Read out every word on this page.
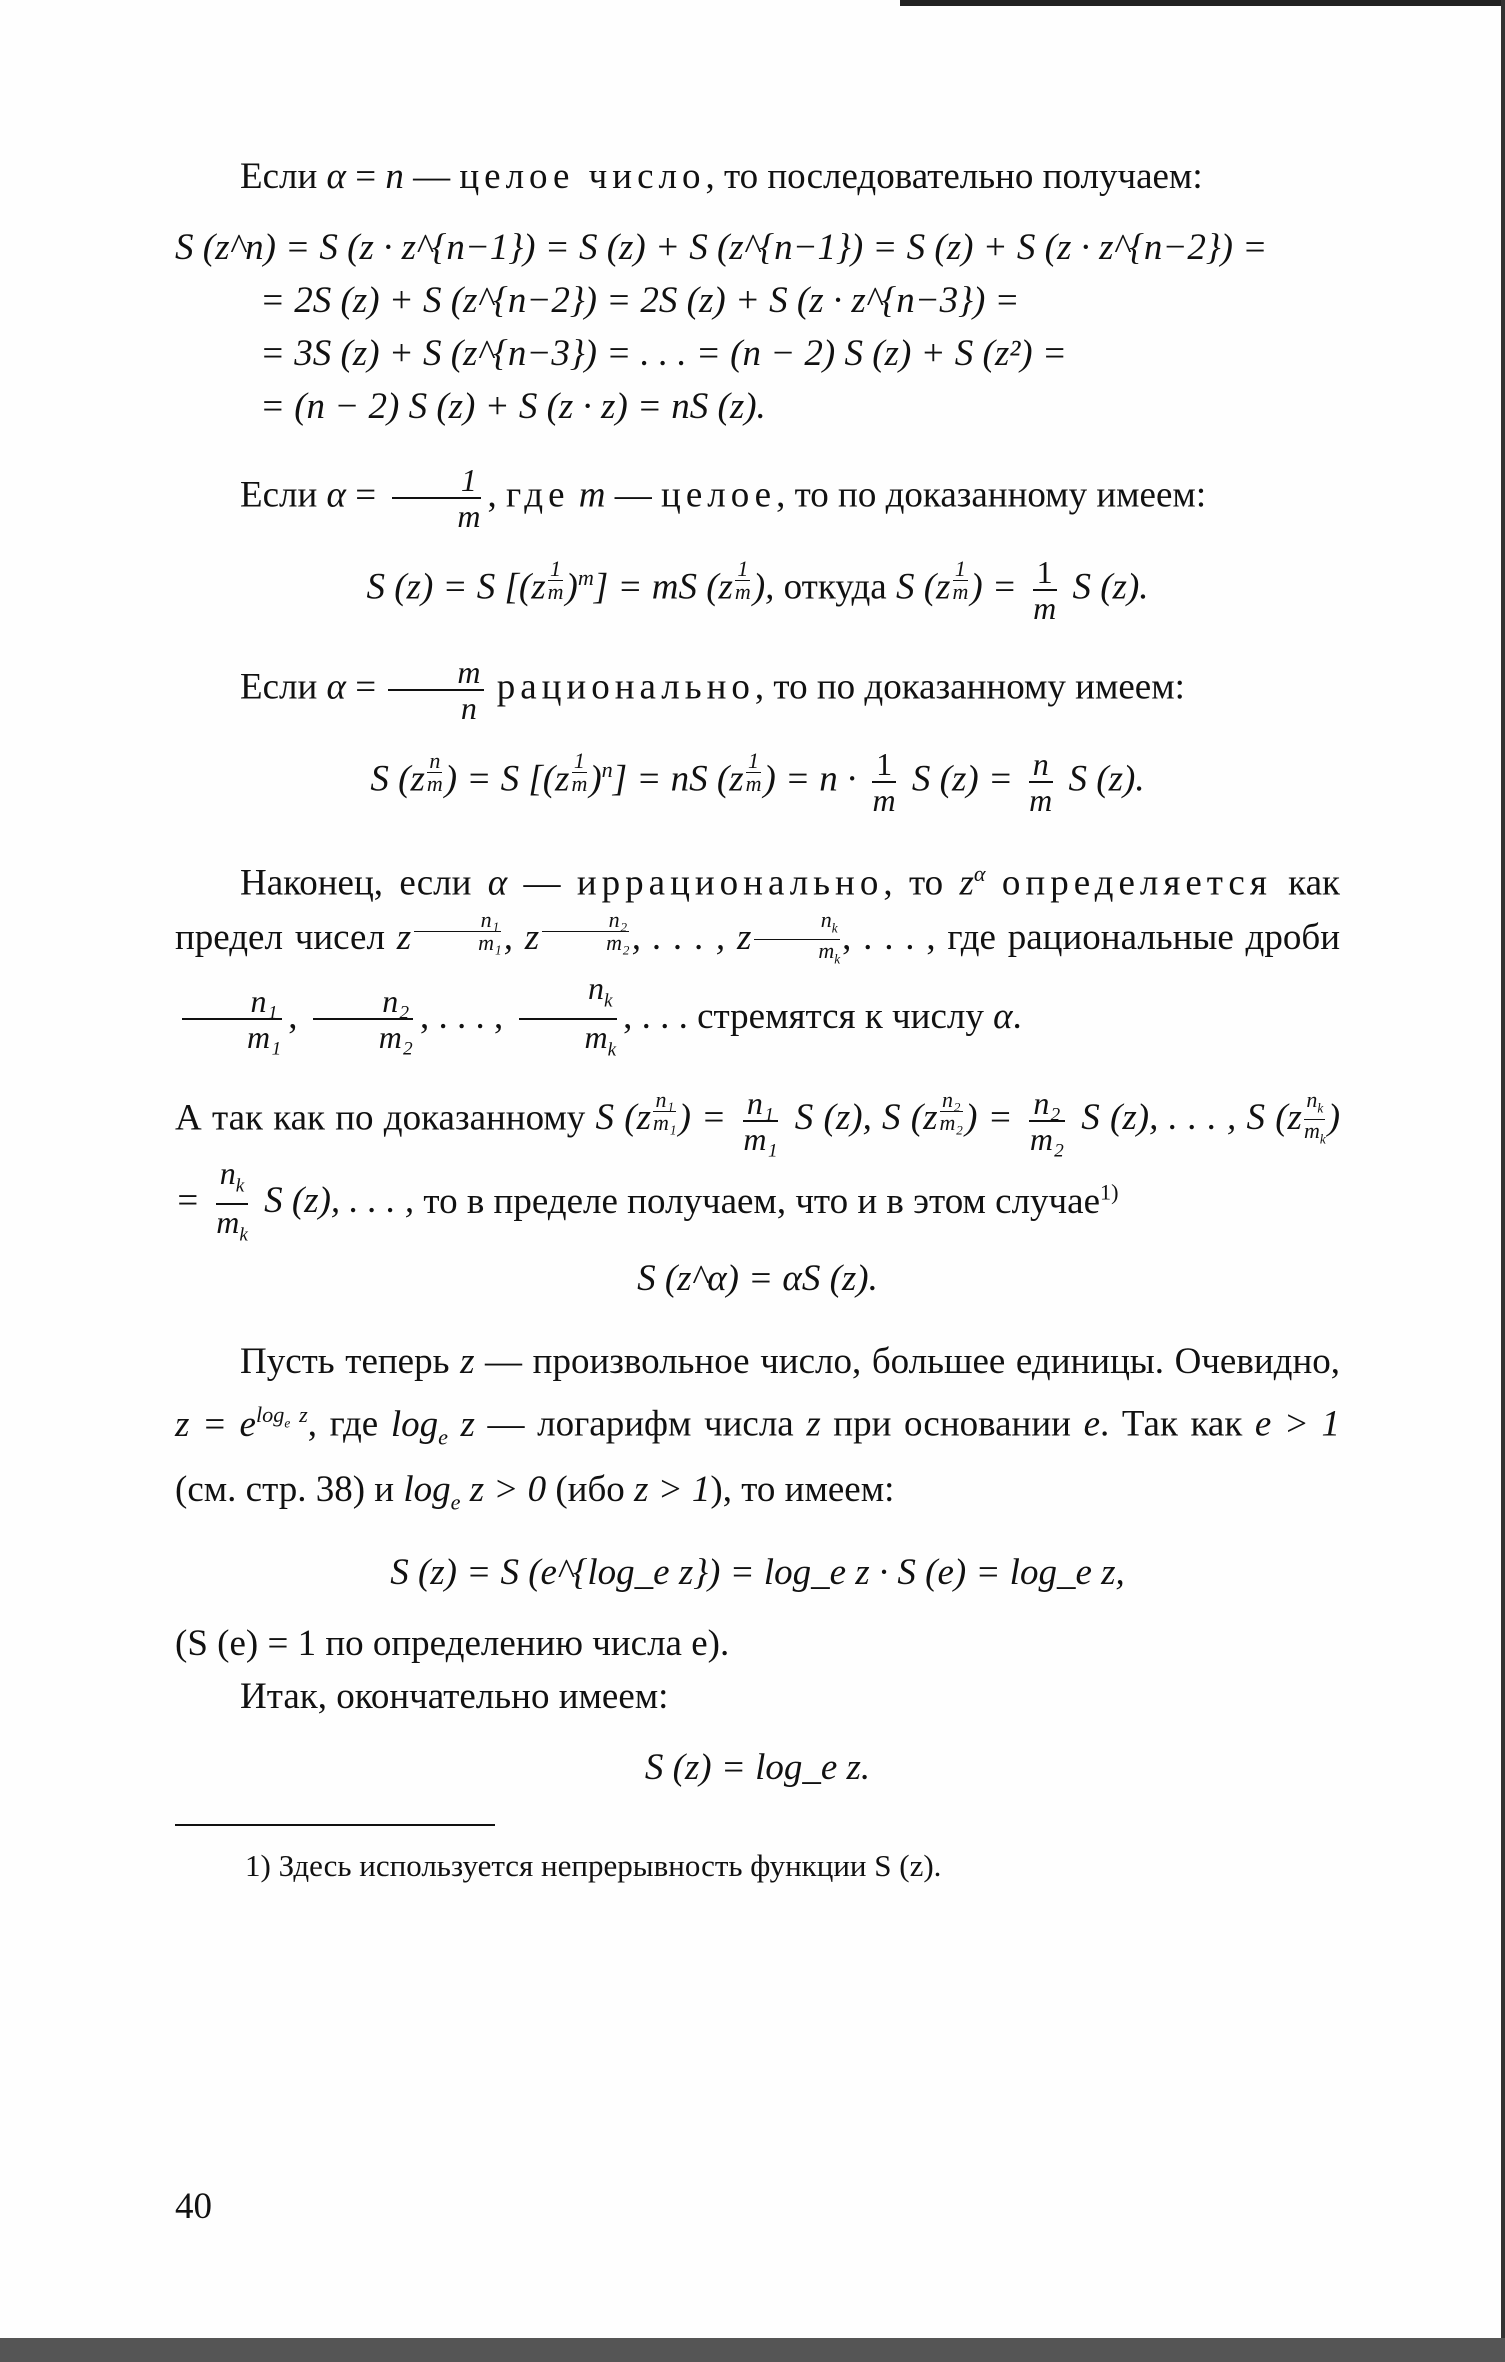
Если α = n — целое число, то последовательно получаем:

S (z^n) = S (z · z^{n−1}) = S (z) + S (z^{n−1}) = S (z) + S (z · z^{n−2}) =

= 2S (z) + S (z^{n−2}) = 2S (z) + S (z · z^{n−3}) =

= 3S (z) + S (z^{n−3}) = . . . = (n − 2) S (z) + S (z²) =

= (n − 2) S (z) + S (z · z) = nS (z).

Если $\alpha = \frac{1}{m}$ , где m — целое, то по доказанному имеем:

S (z) = S $[(z \frac{1}{m} )^m]$ = mS ($z \frac{1}{m}$ ), откуда S ($z \frac{1}{m}$ ) = $\frac{1}{m}$ S (z).

Если $\alpha = \frac{m}{n}$ рационально, то по доказанному имеем:

S ($z \frac{n}{m}$ ) = S $[(z \frac{1}{m} )^n]$ = nS ($z \frac{1}{m}$ ) = $n \cdot \frac{1}{m}$ S $(z) = \frac{n}{m}$ S (z).

Наконец, если α — иррационально, то $z^\alpha$ определяется как предел чисел z $\frac{\text{n₁}}{\text{m₁}}$ , z $\frac{\text{n₂}}{\text{m₂}}$ , . . . , z $\frac{n_k}{m_k}$ , . . . , где рациональные дроби
$\frac{\text{n₁}}{\text{m₁}}$ , $\frac{\text{n₂}}{\text{m₂}}$ , . . . , $\frac{n_k}{m_k}$ , . . . стремятся к числу α.

А так как по доказанному S ($z \frac{\text{n₁}}{\text{m₁}}$ ) = $\frac{\text{n₁}}{\text{m₁}}$ S (z), S ($z \frac{\text{n₂}}{\text{m₂}}$ ) = $\frac{\text{n₂}}{\text{m₂}}$ S (z), . . . , S ($z \frac{n_k}{m_k}$ ) = $\frac{n_k}{m_k}$ S (z), . . . , то в пределе получаем, что и в этом случае$^{1)}$

S (z^α) = αS (z).

Пусть теперь z — произвольное число, большее единицы. Очевидно, $z = e^{log_e z}$, где $\log_e z$ — логарифм числа z при основании e. Так как e > 1 (см. стр. 38) и $\log_e z > 0$ (ибо z > 1), то имеем:

S (z) = S (e^{log_e z}) = log_e z · S (e) = log_e z,

(S (e) = 1 по определению числа e).

Итак, окончательно имеем:

S (z) = log_e z.

1) Здесь используется непрерывность функции S (z).

40
